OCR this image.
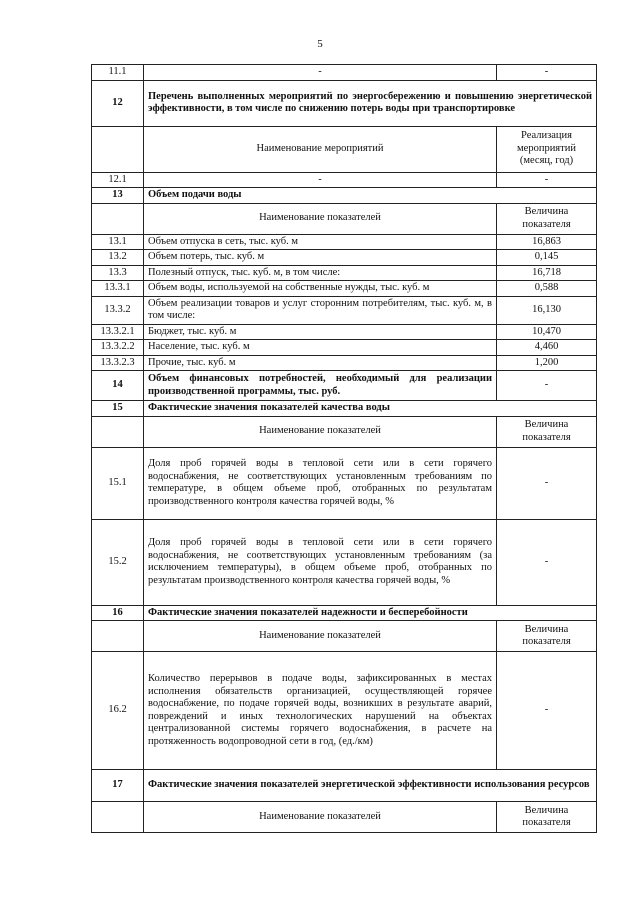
5
11.1	-	-
12	Перечень выполненных мероприятий по энергосбережению и повышению энергетической эффективности, в том числе по снижению потерь воды при транспортировке	
	Наименование мероприятий	Реализация мероприятий (месяц, год)
12.1	-	-
13	Объем подачи воды	
	Наименование показателей	Величина показателя
13.1	Объем отпуска в сеть, тыс. куб. м	16,863
13.2	Объем потерь, тыс. куб. м	0,145
13.3	Полезный отпуск, тыс. куб. м, в том числе:	16,718
13.3.1	Объем воды, используемой на собственные нужды, тыс. куб. м	0,588
13.3.2	Объем реализации товаров и услуг сторонним потребителям, тыс. куб. м, в том числе:	16,130
13.3.2.1	Бюджет, тыс. куб. м	10,470
13.3.2.2	Население, тыс. куб. м	4,460
13.3.2.3	Прочие, тыс. куб. м	1,200
14	Объем финансовых потребностей, необходимый для реализации производственной программы, тыс. руб.	-
15	Фактические значения показателей качества воды	
	Наименование показателей	Величина показателя
15.1	Доля проб горячей воды в тепловой сети или в сети горячего водоснабжения, не соответствующих установленным требованиям по температуре, в общем объеме проб, отобранных по результатам производственного контроля качества горячей воды, %	-
15.2	Доля проб горячей воды в тепловой сети или в сети горячего водоснабжения, не соответствующих установленным требованиям (за исключением температуры), в общем объеме проб, отобранных по результатам производственного контроля качества горячей воды, %	-
16	Фактические значения показателей надежности и бесперебойности	
	Наименование показателей	Величина показателя
16.2	Количество перерывов в подаче воды, зафиксированных в местах исполнения обязательств организацией, осуществляющей горячее водоснабжение, по подаче горячей воды, возникших в результате аварий, повреждений и иных технологических нарушений на объектах централизованной системы горячего водоснабжения, в расчете на протяженность водопроводной сети в год, (ед./км)	-
17	Фактические значения показателей энергетической эффективности использования ресурсов	
	Наименование показателей	Величина показателя
